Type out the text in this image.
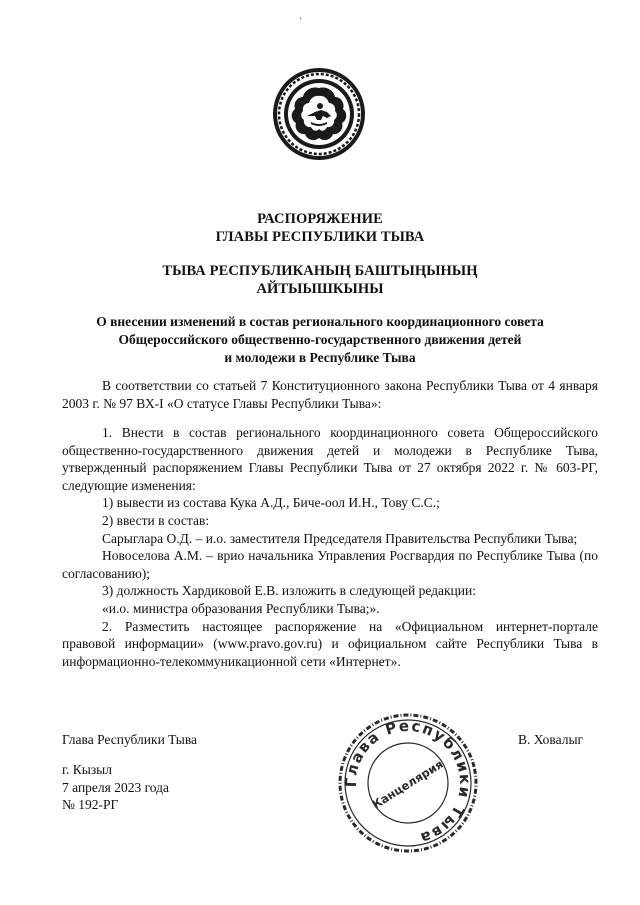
'
РАСПОРЯЖЕНИЕ
ГЛАВЫ РЕСПУБЛИКИ ТЫВА
ТЫВА РЕСПУБЛИКАНЫҢ БАШТЫҢЫНЫҢ
АЙТЫЫШКЫНЫ
О внесении изменений в состав регионального координационного совета
Общероссийского общественно-государственного движения детей
и молодежи в Республике Тыва

В соответствии со статьей 7 Конституционного закона Республики Тыва от 4 января 2003 г. № 97 ВХ-I «О статусе Главы Республики Тыва»:

1. Внести в состав регионального координационного совета Общероссийского общественно-государственного движения детей и молодежи в Республике Тыва, утвержденный распоряжением Главы Республики Тыва от 27 октября 2022 г. № 603-РГ, следующие изменения:

1) вывести из состава Кука А.Д., Биче-оол И.Н., Тову С.С.;

2) ввести в состав:

Сарыглара О.Д. – и.о. заместителя Председателя Правительства Республики Тыва;

Новоселова А.М. – врио начальника Управления Росгвардия по Республике Тыва (по согласованию);

3) должность Хардиковой Е.В. изложить в следующей редакции:

«и.о. министра образования Республики Тыва;».

2. Разместить настоящее распоряжение на «Официальном интернет-портале правовой информации» (www.pravo.gov.ru) и официальном сайте Республики Тыва в информационно-телекоммуникационной сети «Интернет».

Глава Республики Тыва	В. Ховалыг
г. Кызыл
7 апреля 2023 года
№ 192-РГ
Глава Республики Тыва
Канцелярия
